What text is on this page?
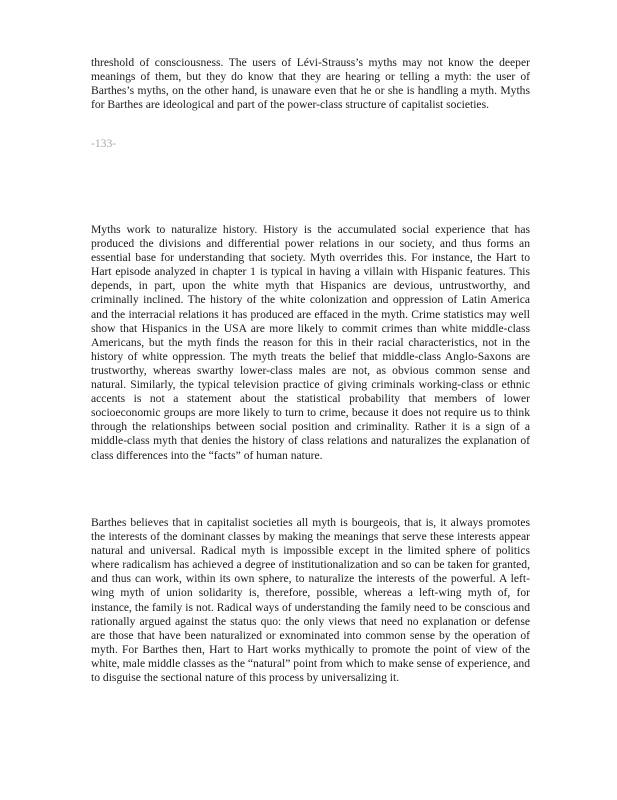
threshold of consciousness. The users of Lévi-Strauss’s myths may not know the deeper meanings of them, but they do know that they are hearing or telling a myth: the user of Barthes’s myths, on the other hand, is unaware even that he or she is handling a myth. Myths for Barthes are ideological and part of the power-class structure of capitalist societies.

-133-

Myths work to naturalize history. History is the accumulated social experience that has produced the divisions and differential power relations in our society, and thus forms an essential base for understanding that society. Myth overrides this. For instance, the Hart to Hart episode analyzed in chapter 1 is typical in having a villain with Hispanic features. This depends, in part, upon the white myth that Hispanics are devious, untrustworthy, and criminally inclined. The history of the white colonization and oppression of Latin America and the interracial relations it has produced are effaced in the myth. Crime statistics may well show that Hispanics in the USA are more likely to commit crimes than white middle-class Americans, but the myth finds the reason for this in their racial characteristics, not in the history of white oppression. The myth treats the belief that middle-class Anglo-Saxons are trustworthy, whereas swarthy lower-class males are not, as obvious common sense and natural. Similarly, the typical television practice of giving criminals working-class or ethnic accents is not a statement about the statistical probability that members of lower socioeconomic groups are more likely to turn to crime, because it does not require us to think through the relationships between social position and criminality. Rather it is a sign of a middle-class myth that denies the history of class relations and naturalizes the explanation of class differences into the “facts” of human nature.

Barthes believes that in capitalist societies all myth is bourgeois, that is, it always promotes the interests of the dominant classes by making the meanings that serve these interests appear natural and universal. Radical myth is impossible except in the limited sphere of politics where radicalism has achieved a degree of institutionalization and so can be taken for granted, and thus can work, within its own sphere, to naturalize the interests of the powerful. A left-wing myth of union solidarity is, therefore, possible, whereas a left-wing myth of, for instance, the family is not. Radical ways of understanding the family need to be conscious and rationally argued against the status quo: the only views that need no explanation or defense are those that have been naturalized or exnominated into common sense by the operation of myth. For Barthes then, Hart to Hart works mythically to promote the point of view of the white, male middle classes as the “natural” point from which to make sense of experience, and to disguise the sectional nature of this process by universalizing it.
